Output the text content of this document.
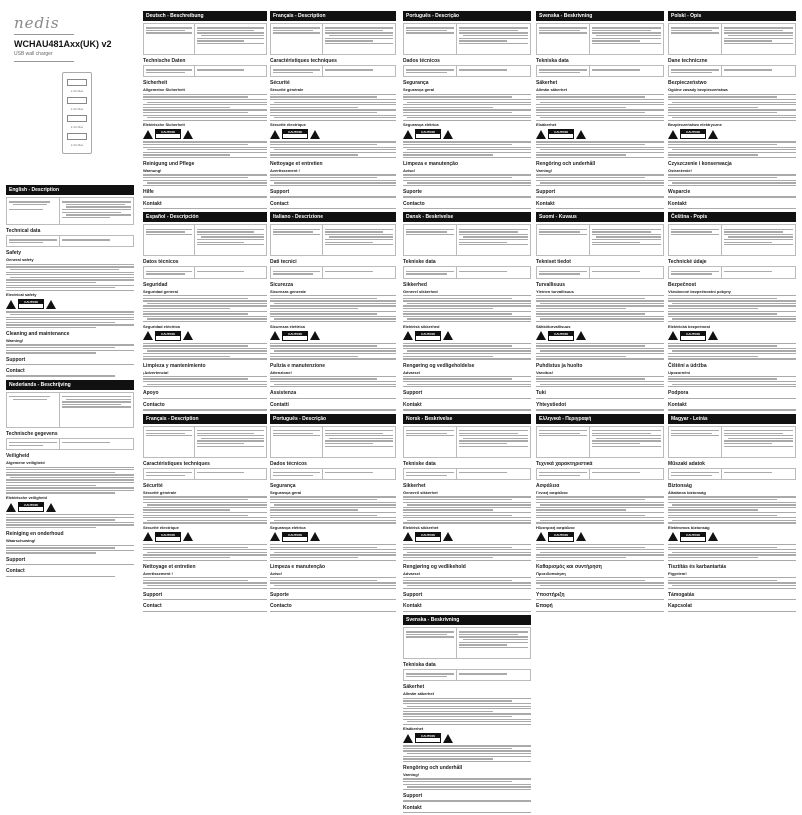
nedis
WCHAU481Axx(UK) v2
USB wall charger
2.4A Max
2.4A Max
2.4A Max
2.4A Max
English - Description
Technical data
Safety
General safety
Electrical safety
CAUTION
Cleaning and maintenance
Warning!
Support
Contact
Nederlands - Beschrijving
Technische gegevens
Veiligheid
Algemene veiligheid
Elektrische veiligheid
CAUTION
Reiniging en onderhoud
Waarschuwing!
Support
Contact
Deutsch - Beschreibung
Technische Daten
Sicherheit
Allgemeine Sicherheit
Elektrische Sicherheit
CAUTION
Reinigung und Pflege
Warnung!
Hilfe
Kontakt
Español - Descripción
Datos técnicos
Seguridad
Seguridad general
Seguridad eléctrica
CAUTION
Limpieza y mantenimiento
¡Advertencia!
Apoyo
Contacto
Français - Description
Caractéristiques techniques
Sécurité
Sécurité générale
Sécurité électrique
CAUTION
Nettoyage et entretien
Avertissement !
Support
Contact
Français - Description
Caractéristiques techniques
Sécurité
Sécurité générale
Sécurité électrique
CAUTION
Nettoyage et entretien
Avertissement !
Support
Contact
Italiano - Descrizione
Dati tecnici
Sicurezza
Sicurezza generale
Sicurezza elettrica
CAUTION
Pulizia e manutenzione
Attenzione!
Assistenza
Contatti
Português - Descrição
Dados técnicos
Segurança
Segurança geral
Segurança elétrica
CAUTION
Limpeza e manutenção
Aviso!
Suporte
Contacto
Português - Descrição
Dados técnicos
Segurança
Segurança geral
Segurança elétrica
CAUTION
Limpeza e manutenção
Aviso!
Suporte
Contacto
Dansk - Beskrivelse
Tekniske data
Sikkerhed
Generel sikkerhed
Elektrisk sikkerhed
CAUTION
Rengøring og vedligeholdelse
Advarsel
Support
Kontakt
Norsk - Beskrivelse
Tekniske data
Sikkerhet
Generell sikkerhet
Elektrisk sikkerhet
CAUTION
Rengjøring og vedlikehold
Advarsel
Support
Kontakt
Svenska - Beskrivning
Tekniska data
Säkerhet
Allmän säkerhet
Elsäkerhet
CAUTION
Rengöring och underhåll
Varning!
Support
Kontakt
Svenska - Beskrivning
Tekniska data
Säkerhet
Allmän säkerhet
Elsäkerhet
CAUTION
Rengöring och underhåll
Varning!
Support
Kontakt
Suomi - Kuvaus
Tekniset tiedot
Turvallisuus
Yleinen turvallisuus
Sähköturvallisuus
CAUTION
Puhdistus ja huolto
Varoitus!
Tuki
Yhteystiedot
Ελληνικά - Περιγραφή
Τεχνικά χαρακτηριστικά
Ασφάλεια
Γενική ασφάλεια
Ηλεκτρική ασφάλεια
CAUTION
Καθαρισμός και συντήρηση
Προειδοποίηση
Υποστήριξη
Επαφή
Polski - Opis
Dane techniczne
Bezpieczeństwo
Ogólne zasady bezpieczeństwa
Bezpieczeństwo elektryczne
CAUTION
Czyszczenie i konserwacja
Ostrzeżenie!
Wsparcie
Kontakt
Čeština - Popis
Technické údaje
Bezpečnost
Všeobecné bezpečnostní pokyny
Elektrická bezpečnost
CAUTION
Čištění a údržba
Upozornění
Podpora
Kontakt
Magyar - Leírás
Műszaki adatok
Biztonság
Általános biztonság
Elektromos biztonság
CAUTION
Tisztítás és karbantartás
Figyelem!
Támogatás
Kapcsolat
